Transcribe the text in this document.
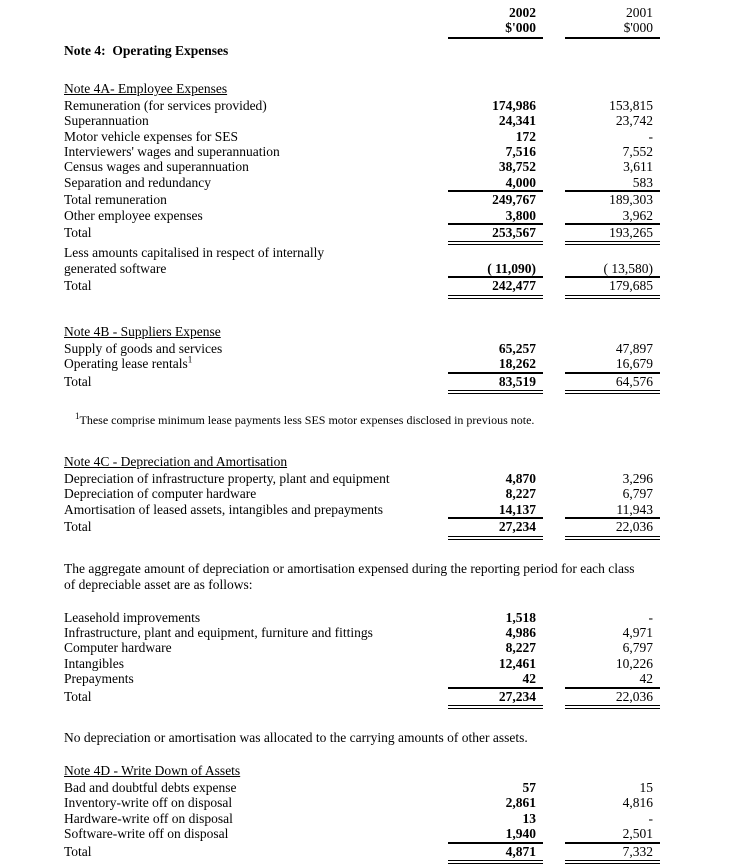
2002	2001
$'000	$'000
Note 4:  Operating Expenses
Note 4A- Employee Expenses
Remuneration (for services provided)	174,986	153,815
Superannuation	24,341	23,742
Motor vehicle expenses for SES	172	-
Interviewers' wages and superannuation	7,516	7,552
Census wages and superannuation	38,752	3,611
Separation and redundancy	4,000	583
Total remuneration	249,767	189,303
Other employee expenses	3,800	3,962
Total	253,567	193,265
Less amounts capitalised in respect of internally
generated software	( 11,090)	( 13,580)
Total	242,477	179,685
Note 4B - Suppliers Expense
Supply of goods and services	65,257	47,897
Operating lease rentals$^1$	18,262	16,679
Total	83,519	64,576
$^1$These comprise minimum lease payments less SES motor expenses disclosed in previous note.
Note 4C - Depreciation and Amortisation
Depreciation of infrastructure property, plant and equipment	4,870	3,296
Depreciation of computer hardware	8,227	6,797
Amortisation of leased assets, intangibles and prepayments	14,137	11,943
Total	27,234	22,036
The aggregate amount of depreciation or amortisation expensed during the reporting period for each class of depreciable asset are as follows:
Leasehold improvements	1,518	-
Infrastructure, plant and equipment, furniture and fittings	4,986	4,971
Computer hardware	8,227	6,797
Intangibles	12,461	10,226
Prepayments	42	42
Total	27,234	22,036
No depreciation or amortisation was allocated to the carrying amounts of other assets.
Note 4D - Write Down of Assets
Bad and doubtful debts expense	57	15
Inventory-write off on disposal	2,861	4,816
Hardware-write off on disposal	13	-
Software-write off on disposal	1,940	2,501
Total	4,871	7,332
